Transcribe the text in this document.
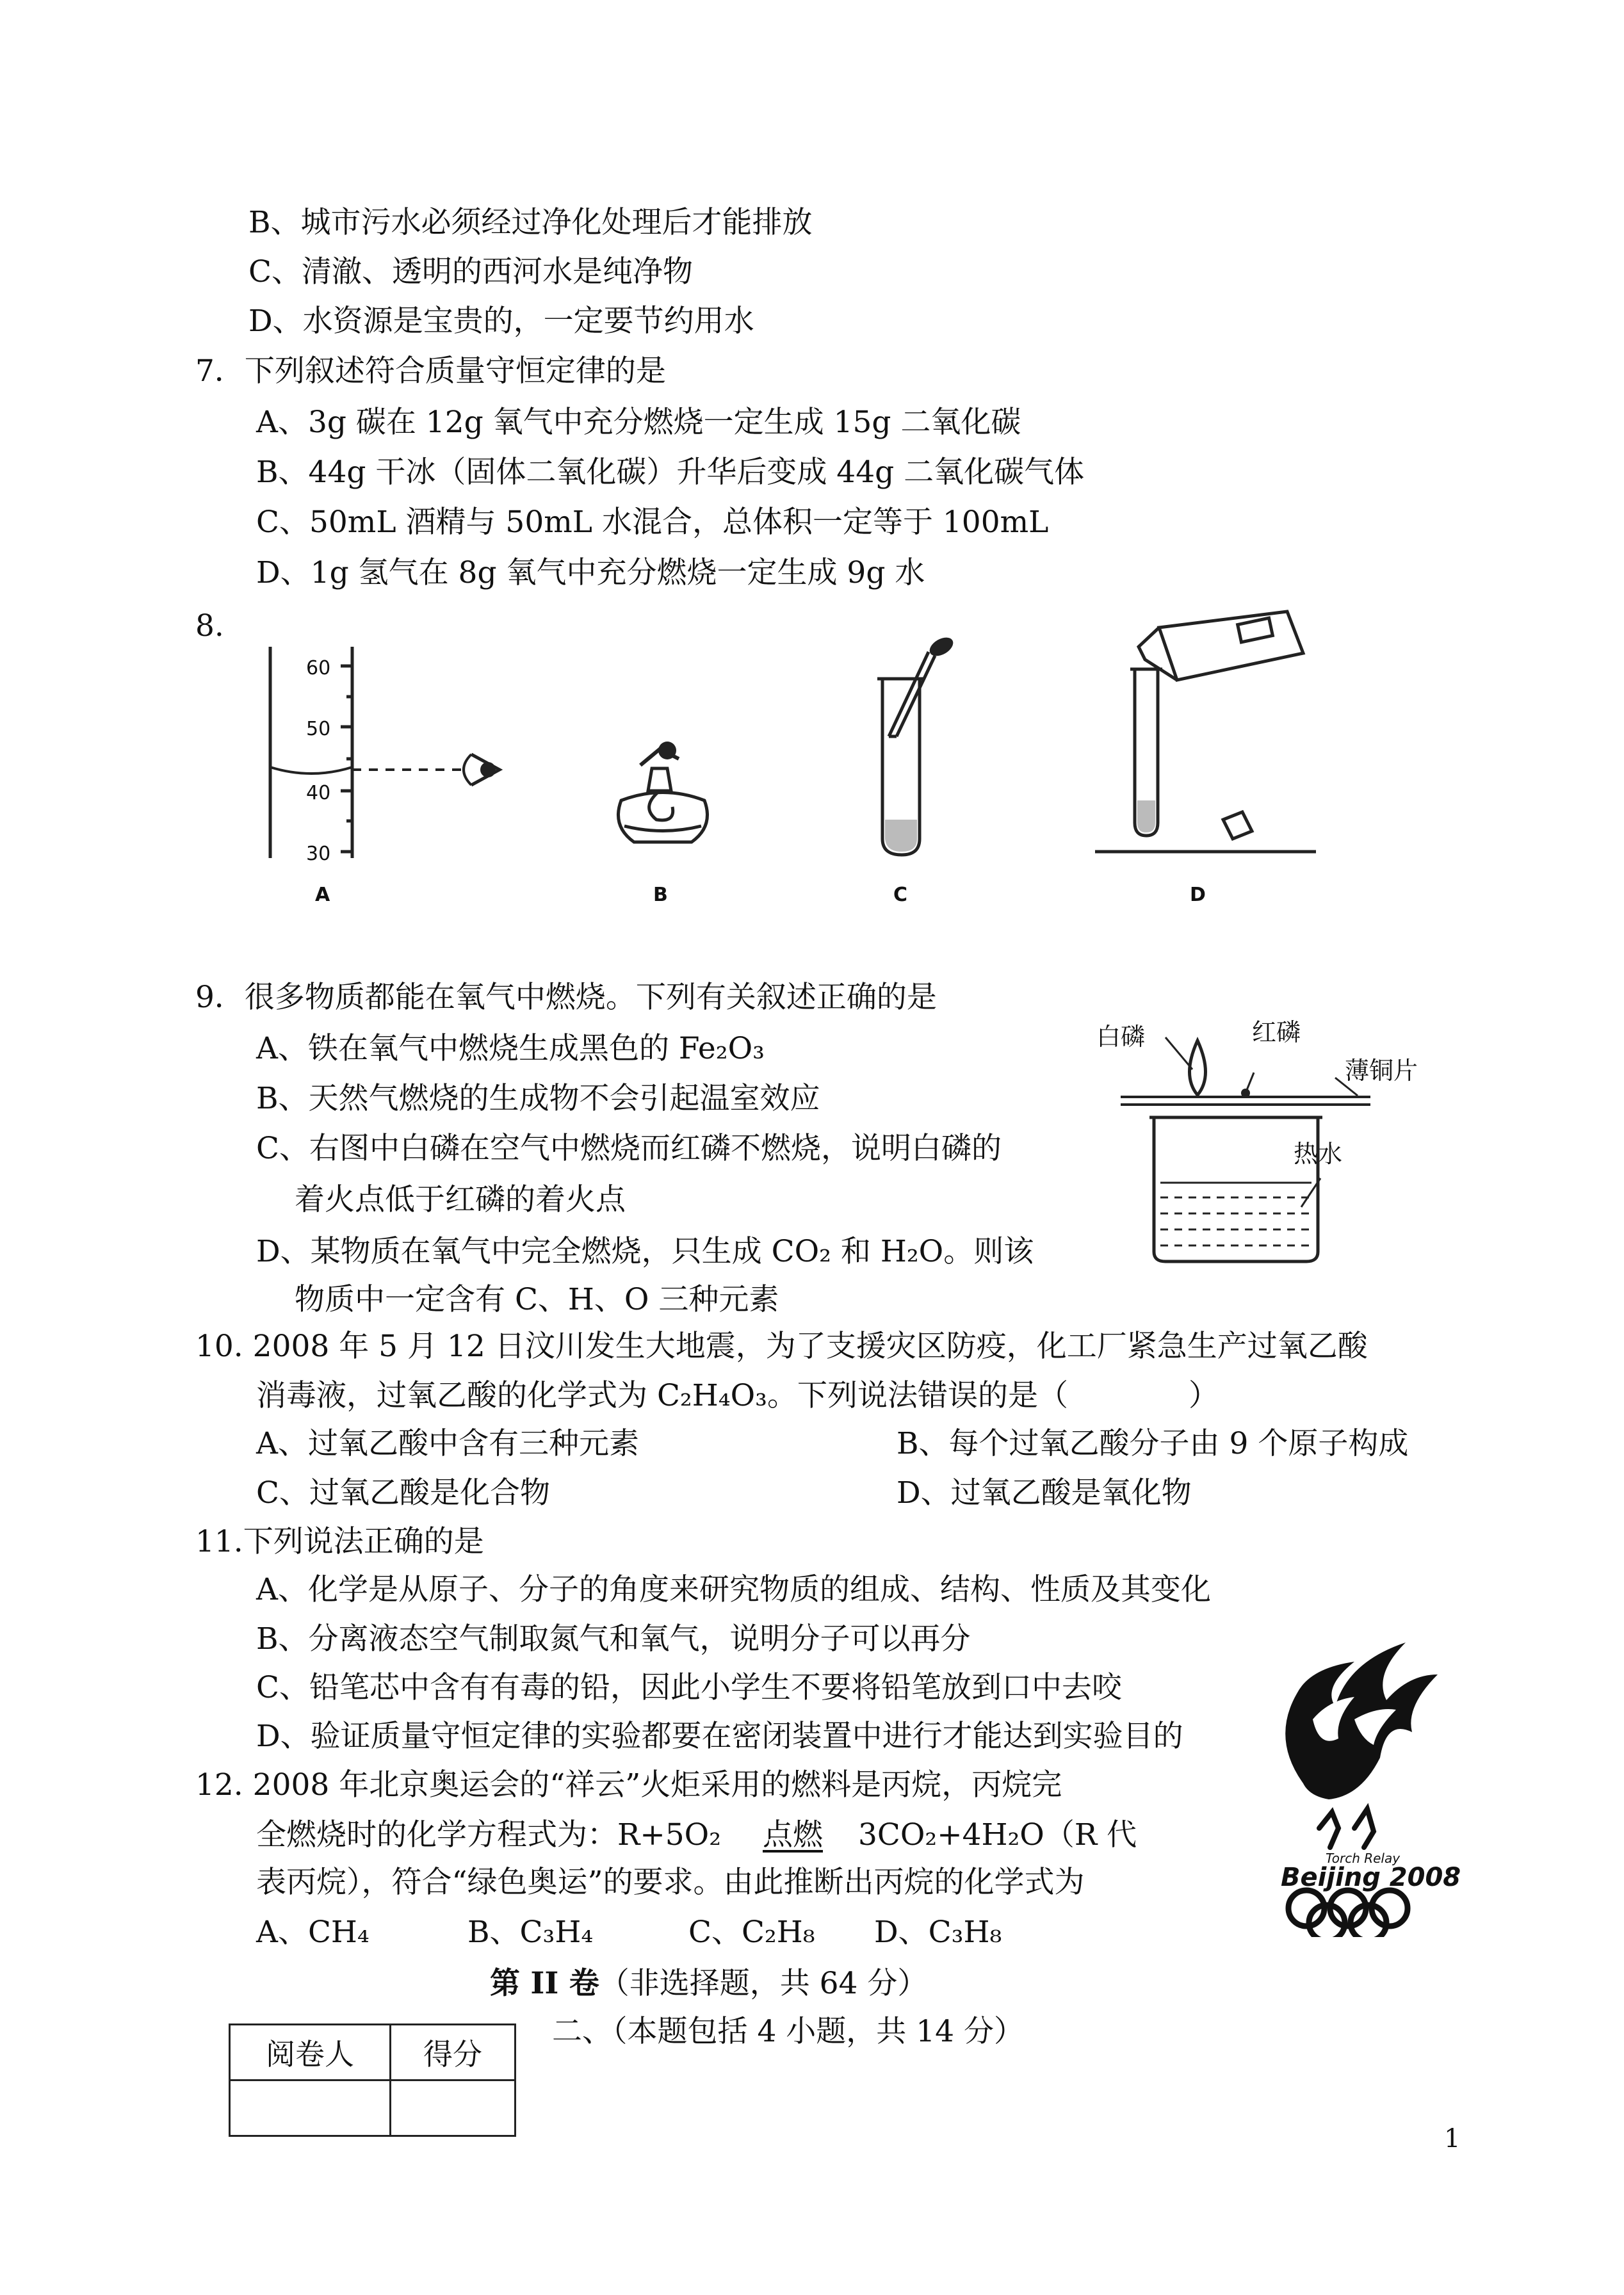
B、城市污水必须经过净化处理后才能排放
C、清澈、透明的西河水是纯净物
D、水资源是宝贵的，一定要节约用水
7．下列叙述符合质量守恒定律的是
A、3g 碳在 12g 氧气中充分燃烧一定生成 15g 二氧化碳
B、44g 干冰（固体二氧化碳）升华后变成 44g 二氧化碳气体
C、50mL 酒精与 50mL 水混合，总体积一定等于 100mL
D、1g 氢气在 8g 氧气中充分燃烧一定生成 9g 水
8.
60
50
40
30
A	B	C	D
9．很多物质都能在氧气中燃烧。下列有关叙述正确的是
A、铁在氧气中燃烧生成黑色的 Fe₂O₃
B、天然气燃烧的生成物不会引起温室效应
C、右图中白磷在空气中燃烧而红磷不燃烧，说明白磷的
着火点低于红磷的着火点
D、某物质在氧气中完全燃烧，只生成 CO₂ 和 H₂O。则该
物质中一定含有 C、H、O 三种元素
白磷	红磷
薄铜片
热水
10. 2008 年 5 月 12 日汶川发生大地震，为了支援灾区防疫，化工厂紧急生产过氧乙酸
消毒液，过氧乙酸的化学式为 C₂H₄O₃。下列说法错误的是（　　　　）
A、过氧乙酸中含有三种元素	B、每个过氧乙酸分子由 9 个原子构成
C、过氧乙酸是化合物	D、过氧乙酸是氧化物
11.下列说法正确的是
A、化学是从原子、分子的角度来研究物质的组成、结构、性质及其变化
B、分离液态空气制取氮气和氧气，说明分子可以再分
C、铅笔芯中含有有毒的铅，因此小学生不要将铅笔放到口中去咬
D、验证质量守恒定律的实验都要在密闭装置中进行才能达到实验目的
12. 2008 年北京奥运会的“祥云”火炬采用的燃料是丙烷，丙烷完
全燃烧时的化学方程式为：R+5O₂ 点燃 3CO₂+4H₂O（R 代
表丙烷），符合“绿色奥运”的要求。由此推断出丙烷的化学式为
A、CH₄	B、C₃H₄	C、C₂H₈ D、C₃H₈
Torch Relay
Beijing 2008
第 II 卷（非选择题，共 64 分）
二、（本题包括 4 小题，共 14 分）
阅卷人	得分

1
